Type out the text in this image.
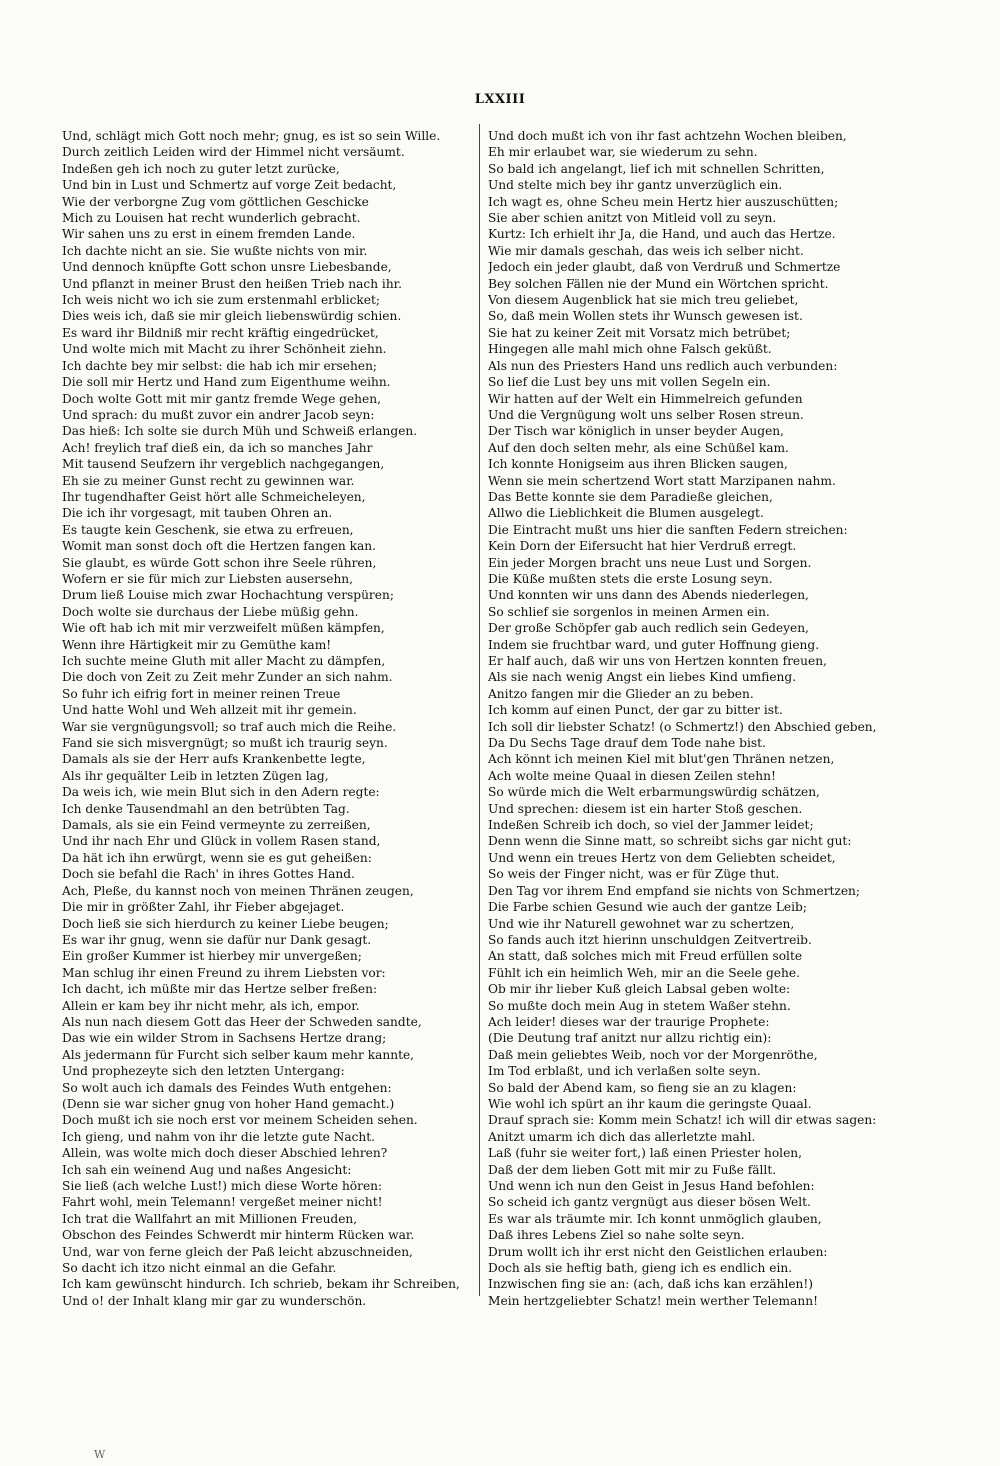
LXXIII
Und, schlägt mich Gott noch mehr; gnug, es ist so sein Wille.
Durch zeitlich Leiden wird der Himmel nicht versäumt.
Indeßen geh ich noch zu guter letzt zurücke,
Und bin in Lust und Schmertz auf vorge Zeit bedacht,
Wie der verborgne Zug vom göttlichen Geschicke
Mich zu Louisen hat recht wunderlich gebracht.
Wir sahen uns zu erst in einem fremden Lande.
Ich dachte nicht an sie. Sie wußte nichts von mir.
Und dennoch knüpfte Gott schon unsre Liebesbande,
Und pflanzt in meiner Brust den heißen Trieb nach ihr.
Ich weis nicht wo ich sie zum erstenmahl erblicket;
Dies weis ich, daß sie mir gleich liebenswürdig schien.
Es ward ihr Bildniß mir recht kräftig eingedrücket,
Und wolte mich mit Macht zu ihrer Schönheit ziehn.
Ich dachte bey mir selbst: die hab ich mir ersehen;
Die soll mir Hertz und Hand zum Eigenthume weihn.
Doch wolte Gott mit mir gantz fremde Wege gehen,
Und sprach: du mußt zuvor ein andrer Jacob seyn:
Das hieß: Ich solte sie durch Müh und Schweiß erlangen.
Ach! freylich traf dieß ein, da ich so manches Jahr
Mit tausend Seufzern ihr vergeblich nachgegangen,
Eh sie zu meiner Gunst recht zu gewinnen war.
Ihr tugendhafter Geist hört alle Schmeicheleyen,
Die ich ihr vorgesagt, mit tauben Ohren an.
Es taugte kein Geschenk, sie etwa zu erfreuen,
Womit man sonst doch oft die Hertzen fangen kan.
Sie glaubt, es würde Gott schon ihre Seele rühren,
Wofern er sie für mich zur Liebsten ausersehn,
Drum ließ Louise mich zwar Hochachtung verspüren;
Doch wolte sie durchaus der Liebe müßig gehn.
Wie oft hab ich mit mir verzweifelt müßen kämpfen,
Wenn ihre Härtigkeit mir zu Gemüthe kam!
Ich suchte meine Gluth mit aller Macht zu dämpfen,
Die doch von Zeit zu Zeit mehr Zunder an sich nahm.
So fuhr ich eifrig fort in meiner reinen Treue
Und hatte Wohl und Weh allzeit mit ihr gemein.
War sie vergnügungsvoll; so traf auch mich die Reihe.
Fand sie sich misvergnügt; so mußt ich traurig seyn.
Damals als sie der Herr aufs Krankenbette legte,
Als ihr gequälter Leib in letzten Zügen lag,
Da weis ich, wie mein Blut sich in den Adern regte:
Ich denke Tausendmahl an den betrübten Tag.
Damals, als sie ein Feind vermeynte zu zerreißen,
Und ihr nach Ehr und Glück in vollem Rasen stand,
Da hät ich ihn erwürgt, wenn sie es gut geheißen:
Doch sie befahl die Rach' in ihres Gottes Hand.
Ach, Pleße, du kannst noch von meinen Thränen zeugen,
Die mir in größter Zahl, ihr Fieber abgejaget.
Doch ließ sie sich hierdurch zu keiner Liebe beugen;
Es war ihr gnug, wenn sie dafür nur Dank gesagt.
Ein großer Kummer ist hierbey mir unvergeßen;
Man schlug ihr einen Freund zu ihrem Liebsten vor:
Ich dacht, ich müßte mir das Hertze selber freßen:
Allein er kam bey ihr nicht mehr, als ich, empor.
Als nun nach diesem Gott das Heer der Schweden sandte,
Das wie ein wilder Strom in Sachsens Hertze drang;
Als jedermann für Furcht sich selber kaum mehr kannte,
Und prophezeyte sich den letzten Untergang:
So wolt auch ich damals des Feindes Wuth entgehen:
(Denn sie war sicher gnug von hoher Hand gemacht.)
Doch mußt ich sie noch erst vor meinem Scheiden sehen.
Ich gieng, und nahm von ihr die letzte gute Nacht.
Allein, was wolte mich doch dieser Abschied lehren?
Ich sah ein weinend Aug und naßes Angesicht:
Sie ließ (ach welche Lust!) mich diese Worte hören:
Fahrt wohl, mein Telemann! vergeßet meiner nicht!
Ich trat die Wallfahrt an mit Millionen Freuden,
Obschon des Feindes Schwerdt mir hinterm Rücken war.
Und, war von ferne gleich der Paß leicht abzuschneiden,
So dacht ich itzo nicht einmal an die Gefahr.
Ich kam gewünscht hindurch. Ich schrieb, bekam ihr Schreiben,
Und o! der Inhalt klang mir gar zu wunderschön.
Und doch mußt ich von ihr fast achtzehn Wochen bleiben,
Eh mir erlaubet war, sie wiederum zu sehn.
So bald ich angelangt, lief ich mit schnellen Schritten,
Und stelte mich bey ihr gantz unverzüglich ein.
Ich wagt es, ohne Scheu mein Hertz hier auszuschütten;
Sie aber schien anitzt von Mitleid voll zu seyn.
Kurtz: Ich erhielt ihr Ja, die Hand, und auch das Hertze.
Wie mir damals geschah, das weis ich selber nicht.
Jedoch ein jeder glaubt, daß von Verdruß und Schmertze
Bey solchen Fällen nie der Mund ein Wörtchen spricht.
Von diesem Augenblick hat sie mich treu geliebet,
So, daß mein Wollen stets ihr Wunsch gewesen ist.
Sie hat zu keiner Zeit mit Vorsatz mich betrübet;
Hingegen alle mahl mich ohne Falsch geküßt.
Als nun des Priesters Hand uns redlich auch verbunden:
So lief die Lust bey uns mit vollen Segeln ein.
Wir hatten auf der Welt ein Himmelreich gefunden
Und die Vergnügung wolt uns selber Rosen streun.
Der Tisch war königlich in unser beyder Augen,
Auf den doch selten mehr, als eine Schüßel kam.
Ich konnte Honigseim aus ihren Blicken saugen,
Wenn sie mein schertzend Wort statt Marzipanen nahm.
Das Bette konnte sie dem Paradieße gleichen,
Allwo die Lieblichkeit die Blumen ausgelegt.
Die Eintracht mußt uns hier die sanften Federn streichen:
Kein Dorn der Eifersucht hat hier Verdruß erregt.
Ein jeder Morgen bracht uns neue Lust und Sorgen.
Die Küße mußten stets die erste Losung seyn.
Und konnten wir uns dann des Abends niederlegen,
So schlief sie sorgenlos in meinen Armen ein.
Der große Schöpfer gab auch redlich sein Gedeyen,
Indem sie fruchtbar ward, und guter Hoffnung gieng.
Er half auch, daß wir uns von Hertzen konnten freuen,
Als sie nach wenig Angst ein liebes Kind umfieng.
Anitzo fangen mir die Glieder an zu beben.
Ich komm auf einen Punct, der gar zu bitter ist.
Ich soll dir liebster Schatz! (o Schmertz!) den Abschied geben,
Da Du Sechs Tage drauf dem Tode nahe bist.
Ach könnt ich meinen Kiel mit blut'gen Thränen netzen,
Ach wolte meine Quaal in diesen Zeilen stehn!
So würde mich die Welt erbarmungswürdig schätzen,
Und sprechen: diesem ist ein harter Stoß geschen.
Indeßen Schreib ich doch, so viel der Jammer leidet;
Denn wenn die Sinne matt, so schreibt sichs gar nicht gut:
Und wenn ein treues Hertz von dem Geliebten scheidet,
So weis der Finger nicht, was er für Züge thut.
Den Tag vor ihrem End empfand sie nichts von Schmertzen;
Die Farbe schien Gesund wie auch der gantze Leib;
Und wie ihr Naturell gewohnet war zu schertzen,
So fands auch itzt hierinn unschuldgen Zeitvertreib.
An statt, daß solches mich mit Freud erfüllen solte
Fühlt ich ein heimlich Weh, mir an die Seele gehe.
Ob mir ihr lieber Kuß gleich Labsal geben wolte:
So mußte doch mein Aug in stetem Waßer stehn.
Ach leider! dieses war der traurige Prophete:
(Die Deutung traf anitzt nur allzu richtig ein):
Daß mein geliebtes Weib, noch vor der Morgenröthe,
Im Tod erblaßt, und ich verlaßen solte seyn.
So bald der Abend kam, so fieng sie an zu klagen:
Wie wohl ich spürt an ihr kaum die geringste Quaal.
Drauf sprach sie: Komm mein Schatz! ich will dir etwas sagen:
Anitzt umarm ich dich das allerletzte mahl.
Laß (fuhr sie weiter fort,) laß einen Priester holen,
Daß der dem lieben Gott mit mir zu Fuße fällt.
Und wenn ich nun den Geist in Jesus Hand befohlen:
So scheid ich gantz vergnügt aus dieser bösen Welt.
Es war als träumte mir. Ich konnt unmöglich glauben,
Daß ihres Lebens Ziel so nahe solte seyn.
Drum wollt ich ihr erst nicht den Geistlichen erlauben:
Doch als sie heftig bath, gieng ich es endlich ein.
Inzwischen fing sie an: (ach, daß ichs kan erzählen!)
Mein hertzgeliebter Schatz! mein werther Telemann!
W
